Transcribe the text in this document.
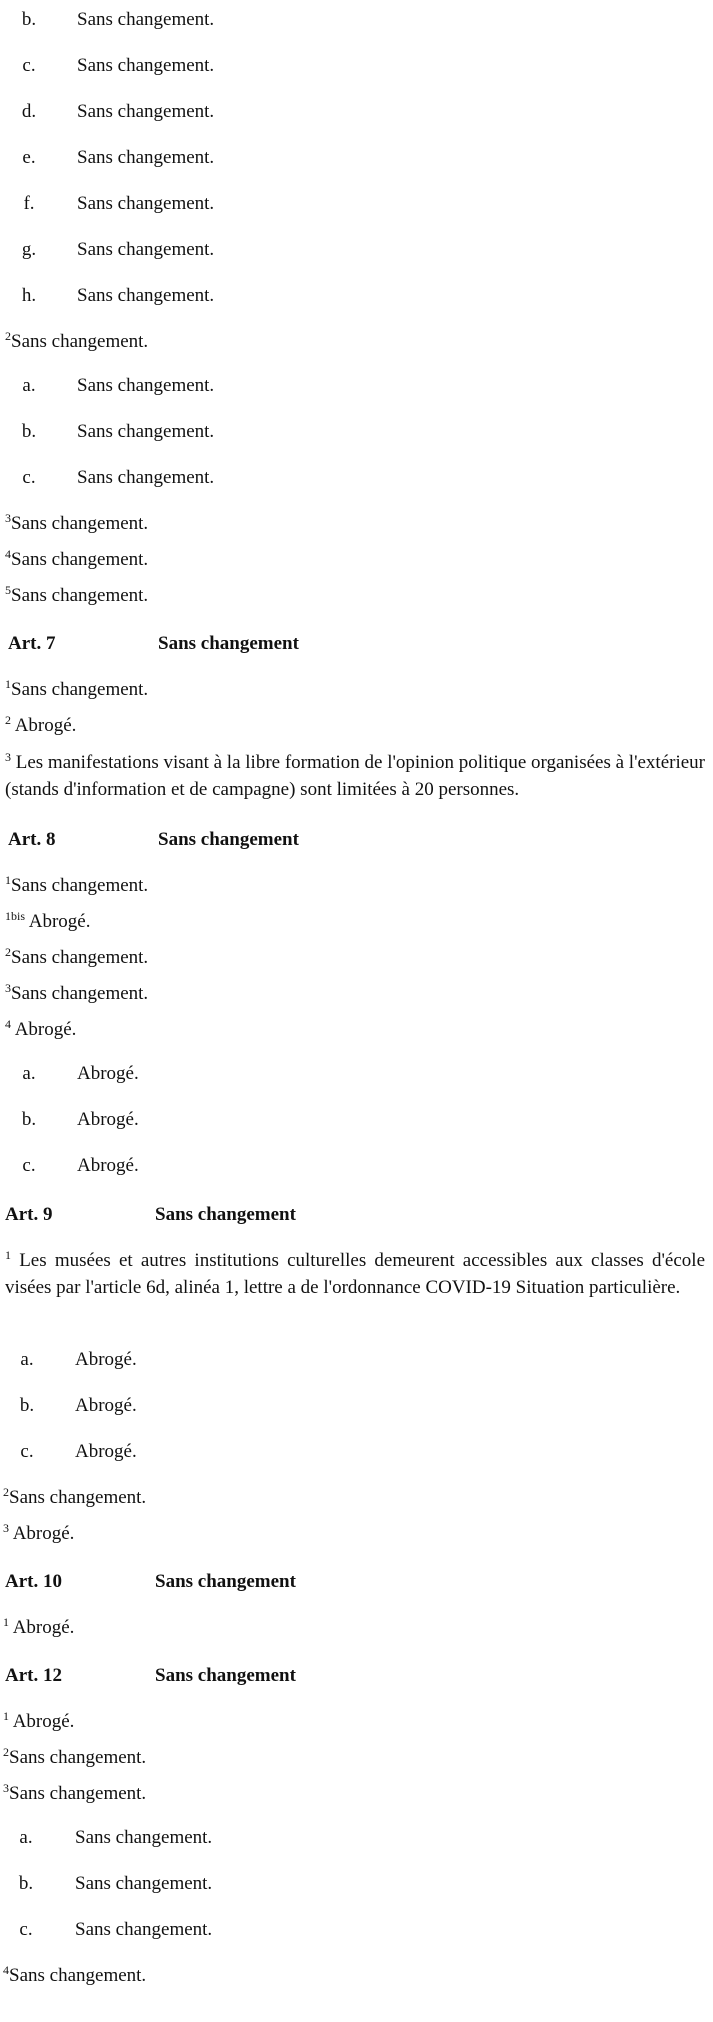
b.	Sans changement.
c.	Sans changement.
d.	Sans changement.
e.	Sans changement.
f.	Sans changement.
g.	Sans changement.
h.	Sans changement.
$^2$Sans changement.
a.	Sans changement.
b.	Sans changement.
c.	Sans changement.
$^3$Sans changement.
$^4$Sans changement.
$^5$Sans changement.
Art. 7	Sans changement
$^1$Sans changement.
$^2$ Abrogé.
$^3$ Les manifestations visant à la libre formation de l'opinion politique organisées à l'extérieur (stands d'information et de campagne) sont limitées à 20 personnes.
Art. 8	Sans changement
$^1$Sans changement.
$^{1bis}$ Abrogé.
$^2$Sans changement.
$^3$Sans changement.
$^4$ Abrogé.
a.	Abrogé.
b.	Abrogé.
c.	Abrogé.
Art. 9	Sans changement
$^1$ Les musées et autres institutions culturelles demeurent accessibles aux classes d'école visées par l'article 6d, alinéa 1, lettre a de l'ordonnance COVID-19 Situation particulière.
a.	Abrogé.
b.	Abrogé.
c.	Abrogé.
$^2$Sans changement.
$^3$ Abrogé.
Art. 10	Sans changement
$^1$ Abrogé.
Art. 12	Sans changement
$^1$ Abrogé.
$^2$Sans changement.
$^3$Sans changement.
a.	Sans changement.
b.	Sans changement.
c.	Sans changement.
$^4$Sans changement.
